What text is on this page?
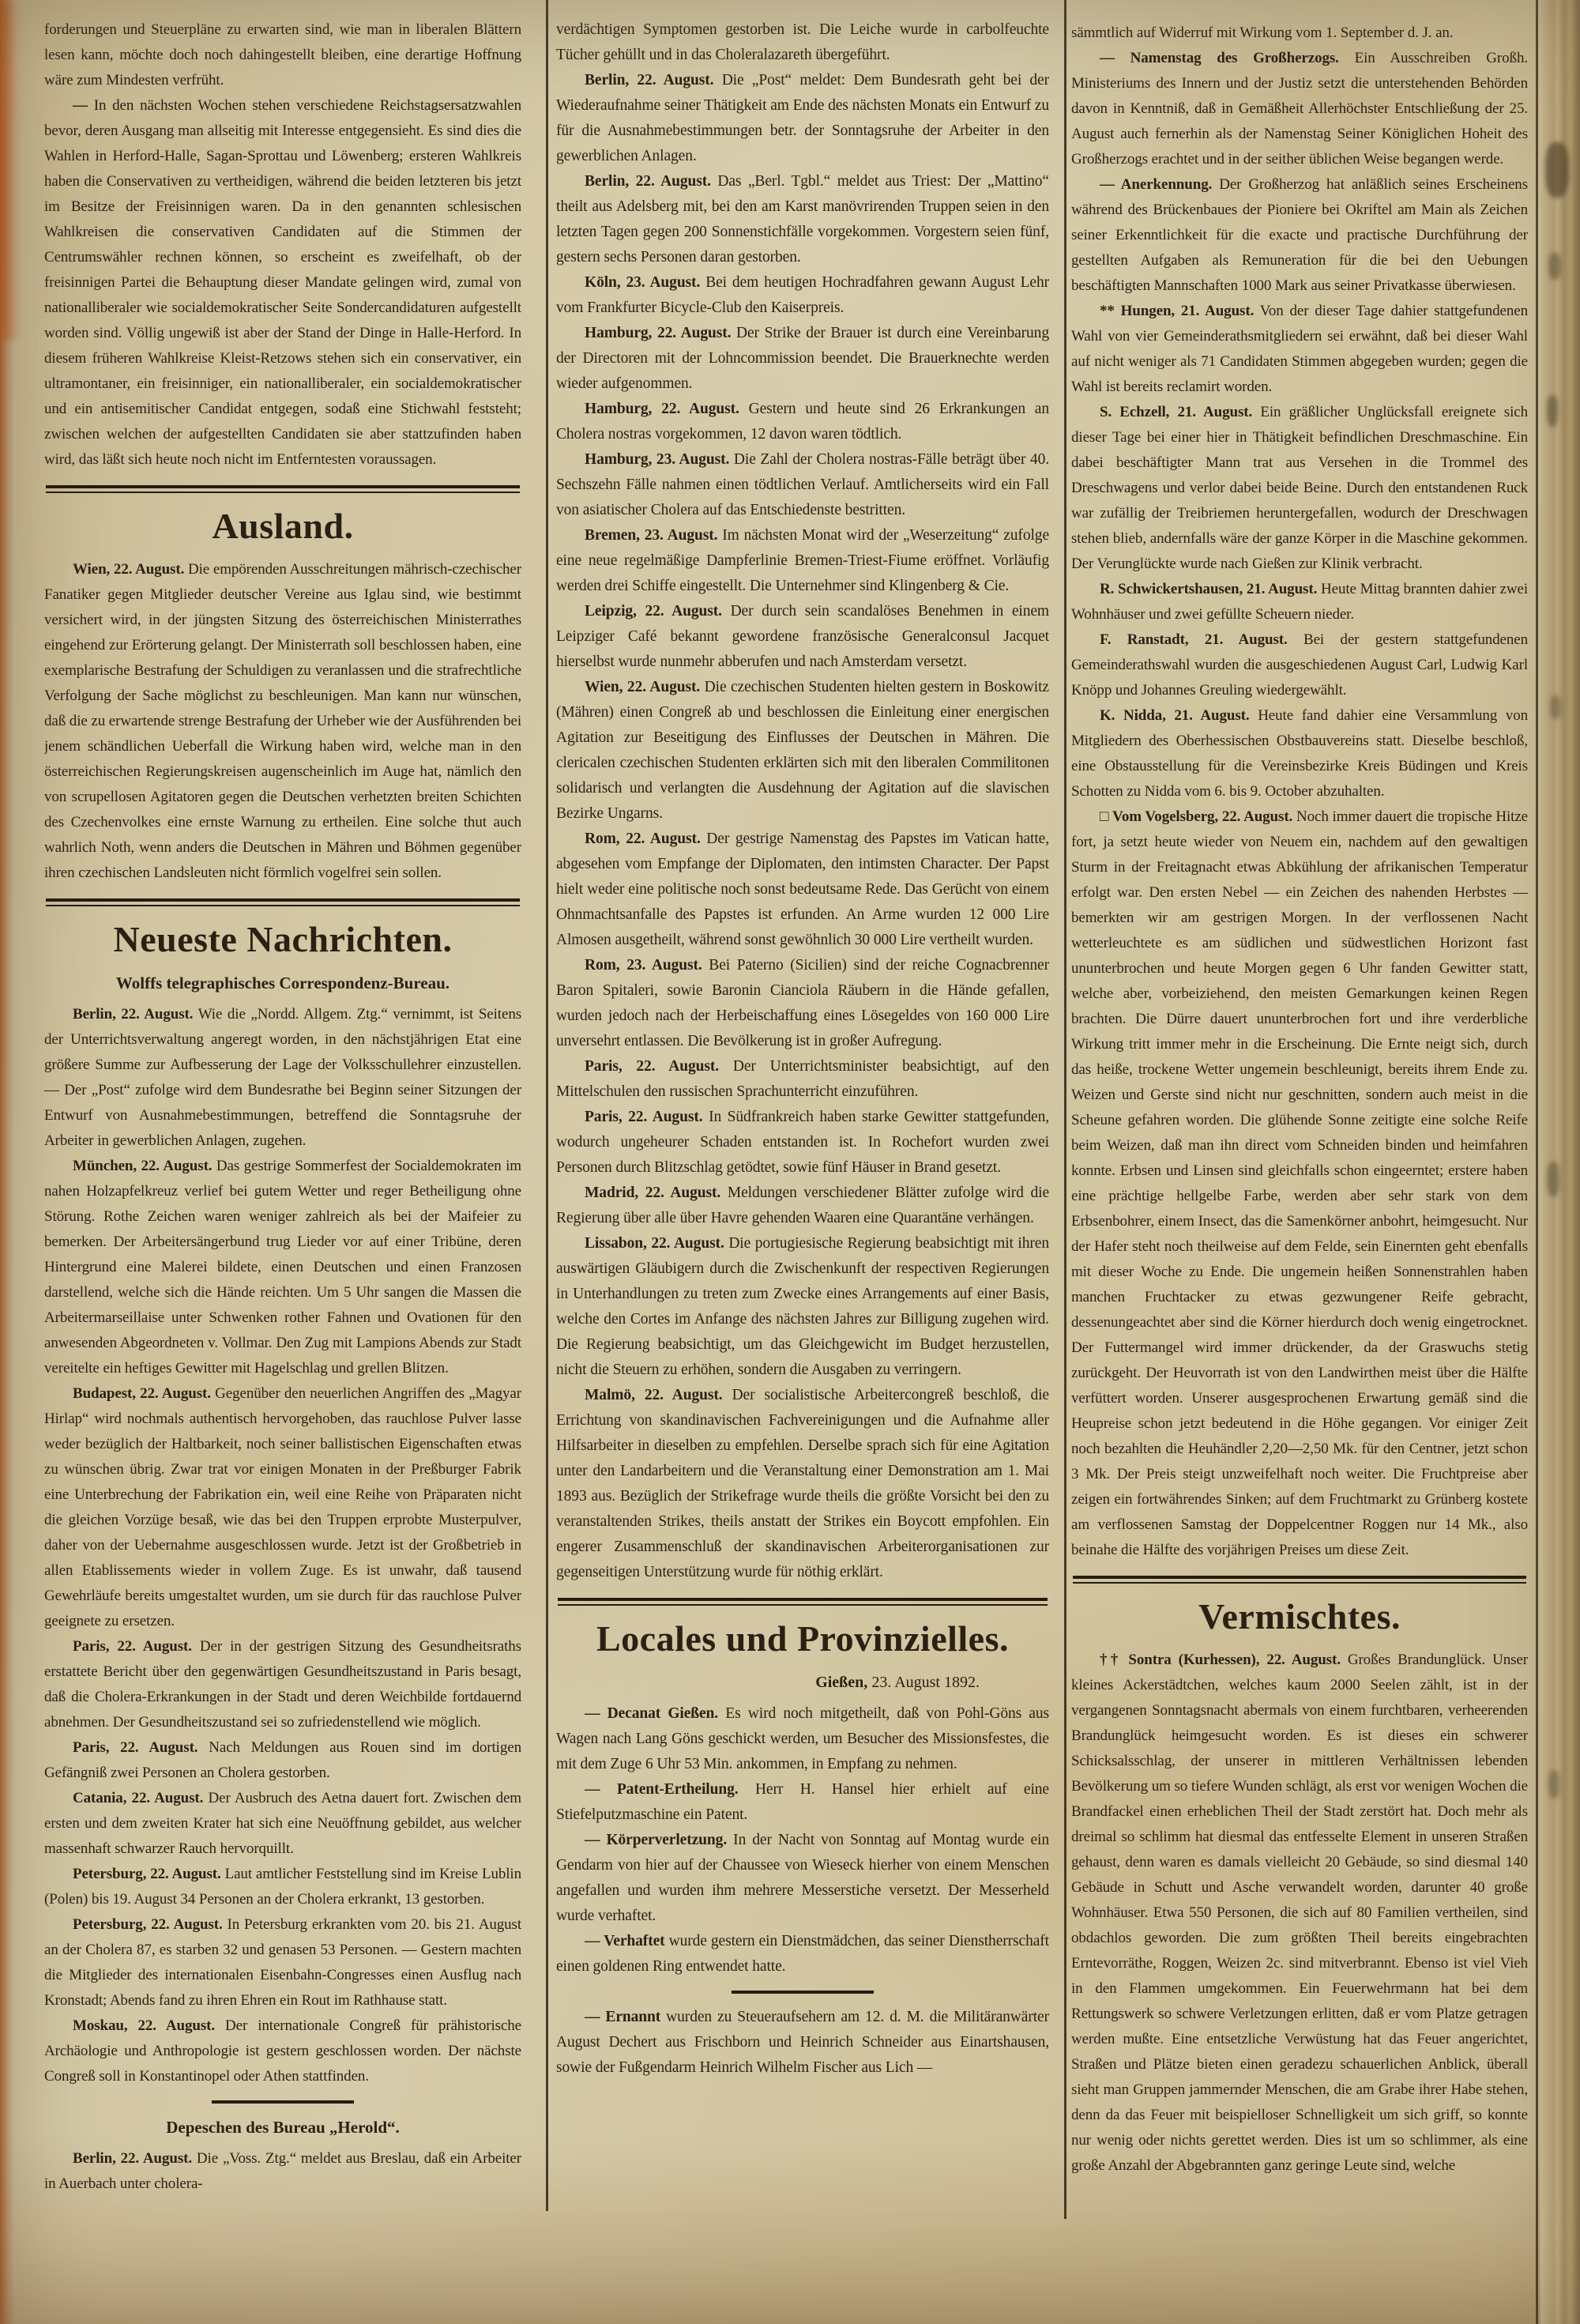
forderungen und Steuerpläne zu erwarten sind, wie man in liberalen Blättern lesen kann, möchte doch noch dahingestellt bleiben, eine derartige Hoffnung wäre zum Mindesten verfrüht.

— In den nächsten Wochen stehen verschiedene Reichstagsersatzwahlen bevor, deren Ausgang man allseitig mit Interesse entgegensieht. Es sind dies die Wahlen in Herford-Halle, Sagan-Sprottau und Löwenberg; ersteren Wahlkreis haben die Conservativen zu vertheidigen, während die beiden letzteren bis jetzt im Besitze der Freisinnigen waren. Da in den genannten schlesischen Wahlkreisen die conservativen Candidaten auf die Stimmen der Centrumswähler rechnen können, so erscheint es zweifelhaft, ob der freisinnigen Partei die Behauptung dieser Mandate gelingen wird, zumal von nationalliberaler wie socialdemokratischer Seite Sondercandidaturen aufgestellt worden sind. Völlig ungewiß ist aber der Stand der Dinge in Halle-Herford. In diesem früheren Wahlkreise Kleist-Retzows stehen sich ein conservativer, ein ultramontaner, ein freisinniger, ein nationalliberaler, ein socialdemokratischer und ein antisemitischer Candidat entgegen, sodaß eine Stichwahl feststeht; zwischen welchen der aufgestellten Candidaten sie aber stattzufinden haben wird, das läßt sich heute noch nicht im Entferntesten voraussagen.

Ausland.

Wien, 22. August. Die empörenden Ausschreitungen mährisch-czechischer Fanatiker gegen Mitglieder deutscher Vereine aus Iglau sind, wie bestimmt versichert wird, in der jüngsten Sitzung des österreichischen Ministerrathes eingehend zur Erörterung gelangt. Der Ministerrath soll beschlossen haben, eine exemplarische Bestrafung der Schuldigen zu veranlassen und die strafrechtliche Verfolgung der Sache möglichst zu beschleunigen. Man kann nur wünschen, daß die zu erwartende strenge Bestrafung der Urheber wie der Ausführenden bei jenem schändlichen Ueberfall die Wirkung haben wird, welche man in den österreichischen Regierungskreisen augenscheinlich im Auge hat, nämlich den von scrupellosen Agitatoren gegen die Deutschen verhetzten breiten Schichten des Czechenvolkes eine ernste Warnung zu ertheilen. Eine solche thut auch wahrlich Noth, wenn anders die Deutschen in Mähren und Böhmen gegenüber ihren czechischen Landsleuten nicht förmlich vogelfrei sein sollen.

Neueste Nachrichten.
Wolffs telegraphisches Correspondenz-Bureau.

Berlin, 22. August. Wie die „Nordd. Allgem. Ztg.“ vernimmt, ist Seitens der Unterrichtsverwaltung angeregt worden, in den nächstjährigen Etat eine größere Summe zur Aufbesserung der Lage der Volksschullehrer einzustellen. — Der „Post“ zufolge wird dem Bundesrathe bei Beginn seiner Sitzungen der Entwurf von Ausnahmebestimmungen, betreffend die Sonntagsruhe der Arbeiter in gewerblichen Anlagen, zugehen.

München, 22. August. Das gestrige Sommerfest der Socialdemokraten im nahen Holzapfelkreuz verlief bei gutem Wetter und reger Betheiligung ohne Störung. Rothe Zeichen waren weniger zahlreich als bei der Maifeier zu bemerken. Der Arbeitersängerbund trug Lieder vor auf einer Tribüne, deren Hintergrund eine Malerei bildete, einen Deutschen und einen Franzosen darstellend, welche sich die Hände reichten. Um 5 Uhr sangen die Massen die Arbeitermarseillaise unter Schwenken rother Fahnen und Ovationen für den anwesenden Abgeordneten v. Vollmar. Den Zug mit Lampions Abends zur Stadt vereitelte ein heftiges Gewitter mit Hagelschlag und grellen Blitzen.

Budapest, 22. August. Gegenüber den neuerlichen Angriffen des „Magyar Hirlap“ wird nochmals authentisch hervorgehoben, das rauchlose Pulver lasse weder bezüglich der Haltbarkeit, noch seiner ballistischen Eigenschaften etwas zu wünschen übrig. Zwar trat vor einigen Monaten in der Preßburger Fabrik eine Unterbrechung der Fabrikation ein, weil eine Reihe von Präparaten nicht die gleichen Vorzüge besaß, wie das bei den Truppen erprobte Musterpulver, daher von der Uebernahme ausgeschlossen wurde. Jetzt ist der Großbetrieb in allen Etablissements wieder in vollem Zuge. Es ist unwahr, daß tausend Gewehrläufe bereits umgestaltet wurden, um sie durch für das rauchlose Pulver geeignete zu ersetzen.

Paris, 22. August. Der in der gestrigen Sitzung des Gesundheitsraths erstattete Bericht über den gegenwärtigen Gesundheitszustand in Paris besagt, daß die Cholera-Erkrankungen in der Stadt und deren Weichbilde fortdauernd abnehmen. Der Gesundheitszustand sei so zufriedenstellend wie möglich.

Paris, 22. August. Nach Meldungen aus Rouen sind im dortigen Gefängniß zwei Personen an Cholera gestorben.

Catania, 22. August. Der Ausbruch des Aetna dauert fort. Zwischen dem ersten und dem zweiten Krater hat sich eine Neuöffnung gebildet, aus welcher massenhaft schwarzer Rauch hervorquillt.

Petersburg, 22. August. Laut amtlicher Feststellung sind im Kreise Lublin (Polen) bis 19. August 34 Personen an der Cholera erkrankt, 13 gestorben.

Petersburg, 22. August. In Petersburg erkrankten vom 20. bis 21. August an der Cholera 87, es starben 32 und genasen 53 Personen. — Gestern machten die Mitglieder des internationalen Eisenbahn-Congresses einen Ausflug nach Kronstadt; Abends fand zu ihren Ehren ein Rout im Rathhause statt.

Moskau, 22. August. Der internationale Congreß für prähistorische Archäologie und Anthropologie ist gestern geschlossen worden. Der nächste Congreß soll in Konstantinopel oder Athen stattfinden.

Depeschen des Bureau „Herold“.

Berlin, 22. August. Die „Voss. Ztg.“ meldet aus Breslau, daß ein Arbeiter in Auerbach unter cholera-

verdächtigen Symptomen gestorben ist. Die Leiche wurde in carbolfeuchte Tücher gehüllt und in das Choleralazareth übergeführt.

Berlin, 22. August. Die „Post“ meldet: Dem Bundesrath geht bei der Wiederaufnahme seiner Thätigkeit am Ende des nächsten Monats ein Entwurf zu für die Ausnahmebestimmungen betr. der Sonntagsruhe der Arbeiter in den gewerblichen Anlagen.

Berlin, 22. August. Das „Berl. Tgbl.“ meldet aus Triest: Der „Mattino“ theilt aus Adelsberg mit, bei den am Karst manövrirenden Truppen seien in den letzten Tagen gegen 200 Sonnenstichfälle vorgekommen. Vorgestern seien fünf, gestern sechs Personen daran gestorben.

Köln, 23. August. Bei dem heutigen Hochradfahren gewann August Lehr vom Frankfurter Bicycle-Club den Kaiserpreis.

Hamburg, 22. August. Der Strike der Brauer ist durch eine Vereinbarung der Directoren mit der Lohncommission beendet. Die Brauerknechte werden wieder aufgenommen.

Hamburg, 22. August. Gestern und heute sind 26 Erkrankungen an Cholera nostras vorgekommen, 12 davon waren tödtlich.

Hamburg, 23. August. Die Zahl der Cholera nostras-Fälle beträgt über 40. Sechszehn Fälle nahmen einen tödtlichen Verlauf. Amtlicherseits wird ein Fall von asiatischer Cholera auf das Entschiedenste bestritten.

Bremen, 23. August. Im nächsten Monat wird der „Weserzeitung“ zufolge eine neue regelmäßige Dampferlinie Bremen-Triest-Fiume eröffnet. Vorläufig werden drei Schiffe eingestellt. Die Unternehmer sind Klingenberg & Cie.

Leipzig, 22. August. Der durch sein scandalöses Benehmen in einem Leipziger Café bekannt gewordene französische Generalconsul Jacquet hierselbst wurde nunmehr abberufen und nach Amsterdam versetzt.

Wien, 22. August. Die czechischen Studenten hielten gestern in Boskowitz (Mähren) einen Congreß ab und beschlossen die Einleitung einer energischen Agitation zur Beseitigung des Einflusses der Deutschen in Mähren. Die clericalen czechischen Studenten erklärten sich mit den liberalen Commilitonen solidarisch und verlangten die Ausdehnung der Agitation auf die slavischen Bezirke Ungarns.

Rom, 22. August. Der gestrige Namenstag des Papstes im Vatican hatte, abgesehen vom Empfange der Diplomaten, den intimsten Character. Der Papst hielt weder eine politische noch sonst bedeutsame Rede. Das Gerücht von einem Ohnmachtsanfalle des Papstes ist erfunden. An Arme wurden 12 000 Lire Almosen ausgetheilt, während sonst gewöhnlich 30 000 Lire vertheilt wurden.

Rom, 23. August. Bei Paterno (Sicilien) sind der reiche Cognacbrenner Baron Spitaleri, sowie Baronin Cianciola Räubern in die Hände gefallen, wurden jedoch nach der Herbeischaffung eines Lösegeldes von 160 000 Lire unversehrt entlassen. Die Bevölkerung ist in großer Aufregung.

Paris, 22. August. Der Unterrichtsminister beabsichtigt, auf den Mittelschulen den russischen Sprachunterricht einzuführen.

Paris, 22. August. In Südfrankreich haben starke Gewitter stattgefunden, wodurch ungeheurer Schaden entstanden ist. In Rochefort wurden zwei Personen durch Blitzschlag getödtet, sowie fünf Häuser in Brand gesetzt.

Madrid, 22. August. Meldungen verschiedener Blätter zufolge wird die Regierung über alle über Havre gehenden Waaren eine Quarantäne verhängen.

Lissabon, 22. August. Die portugiesische Regierung beabsichtigt mit ihren auswärtigen Gläubigern durch die Zwischenkunft der respectiven Regierungen in Unterhandlungen zu treten zum Zwecke eines Arrangements auf einer Basis, welche den Cortes im Anfange des nächsten Jahres zur Billigung zugehen wird. Die Regierung beabsichtigt, um das Gleichgewicht im Budget herzustellen, nicht die Steuern zu erhöhen, sondern die Ausgaben zu verringern.

Malmö, 22. August. Der socialistische Arbeitercongreß beschloß, die Errichtung von skandinavischen Fachvereinigungen und die Aufnahme aller Hilfsarbeiter in dieselben zu empfehlen. Derselbe sprach sich für eine Agitation unter den Landarbeitern und die Veranstaltung einer Demonstration am 1. Mai 1893 aus. Bezüglich der Strikefrage wurde theils die größte Vorsicht bei den zu veranstaltenden Strikes, theils anstatt der Strikes ein Boycott empfohlen. Ein engerer Zusammenschluß der skandinavischen Arbeiterorganisationen zur gegenseitigen Unterstützung wurde für nöthig erklärt.

Locales und Provinzielles.
Gießen, 23. August 1892.

— Decanat Gießen. Es wird noch mitgetheilt, daß von Pohl-Göns aus Wagen nach Lang Göns geschickt werden, um Besucher des Missionsfestes, die mit dem Zuge 6 Uhr 53 Min. ankommen, in Empfang zu nehmen.

— Patent-Ertheilung. Herr H. Hansel hier erhielt auf eine Stiefelputzmaschine ein Patent.

— Körperverletzung. In der Nacht von Sonntag auf Montag wurde ein Gendarm von hier auf der Chaussee von Wieseck hierher von einem Menschen angefallen und wurden ihm mehrere Messerstiche versetzt. Der Messerheld wurde verhaftet.

— Verhaftet wurde gestern ein Dienstmädchen, das seiner Dienstherrschaft einen goldenen Ring entwendet hatte.

— Ernannt wurden zu Steueraufsehern am 12. d. M. die Militäranwärter August Dechert aus Frischborn und Heinrich Schneider aus Einartshausen, sowie der Fußgendarm Heinrich Wilhelm Fischer aus Lich —

sämmtlich auf Widerruf mit Wirkung vom 1. September d. J. an.

— Namenstag des Großherzogs. Ein Ausschreiben Großh. Ministeriums des Innern und der Justiz setzt die unterstehenden Behörden davon in Kenntniß, daß in Gemäßheit Allerhöchster Entschließung der 25. August auch fernerhin als der Namenstag Seiner Königlichen Hoheit des Großherzogs erachtet und in der seither üblichen Weise begangen werde.

— Anerkennung. Der Großherzog hat anläßlich seines Erscheinens während des Brückenbaues der Pioniere bei Okriftel am Main als Zeichen seiner Erkenntlichkeit für die exacte und practische Durchführung der gestellten Aufgaben als Remuneration für die bei den Uebungen beschäftigten Mannschaften 1000 Mark aus seiner Privatkasse überwiesen.

** Hungen, 21. August. Von der dieser Tage dahier stattgefundenen Wahl von vier Gemeinderathsmitgliedern sei erwähnt, daß bei dieser Wahl auf nicht weniger als 71 Candidaten Stimmen abgegeben wurden; gegen die Wahl ist bereits reclamirt worden.

S. Echzell, 21. August. Ein gräßlicher Unglücksfall ereignete sich dieser Tage bei einer hier in Thätigkeit befindlichen Dreschmaschine. Ein dabei beschäftigter Mann trat aus Versehen in die Trommel des Dreschwagens und verlor dabei beide Beine. Durch den entstandenen Ruck war zufällig der Treibriemen heruntergefallen, wodurch der Dreschwagen stehen blieb, andernfalls wäre der ganze Körper in die Maschine gekommen. Der Verunglückte wurde nach Gießen zur Klinik verbracht.

R. Schwickertshausen, 21. August. Heute Mittag brannten dahier zwei Wohnhäuser und zwei gefüllte Scheuern nieder.

F. Ranstadt, 21. August. Bei der gestern stattgefundenen Gemeinderathswahl wurden die ausgeschiedenen August Carl, Ludwig Karl Knöpp und Johannes Greuling wiedergewählt.

K. Nidda, 21. August. Heute fand dahier eine Versammlung von Mitgliedern des Oberhessischen Obstbauvereins statt. Dieselbe beschloß, eine Obstausstellung für die Vereinsbezirke Kreis Büdingen und Kreis Schotten zu Nidda vom 6. bis 9. October abzuhalten.

□ Vom Vogelsberg, 22. August. Noch immer dauert die tropische Hitze fort, ja setzt heute wieder von Neuem ein, nachdem auf den gewaltigen Sturm in der Freitagnacht etwas Abkühlung der afrikanischen Temperatur erfolgt war. Den ersten Nebel — ein Zeichen des nahenden Herbstes — bemerkten wir am gestrigen Morgen. In der verflossenen Nacht wetterleuchtete es am südlichen und südwestlichen Horizont fast ununterbrochen und heute Morgen gegen 6 Uhr fanden Gewitter statt, welche aber, vorbeiziehend, den meisten Gemarkungen keinen Regen brachten. Die Dürre dauert ununterbrochen fort und ihre verderbliche Wirkung tritt immer mehr in die Erscheinung. Die Ernte neigt sich, durch das heiße, trockene Wetter ungemein beschleunigt, bereits ihrem Ende zu. Weizen und Gerste sind nicht nur geschnitten, sondern auch meist in die Scheune gefahren worden. Die glühende Sonne zeitigte eine solche Reife beim Weizen, daß man ihn direct vom Schneiden binden und heimfahren konnte. Erbsen und Linsen sind gleichfalls schon eingeerntet; erstere haben eine prächtige hellgelbe Farbe, werden aber sehr stark von dem Erbsenbohrer, einem Insect, das die Samenkörner anbohrt, heimgesucht. Nur der Hafer steht noch theilweise auf dem Felde, sein Einernten geht ebenfalls mit dieser Woche zu Ende. Die ungemein heißen Sonnenstrahlen haben manchen Fruchtacker zu etwas gezwungener Reife gebracht, dessenungeachtet aber sind die Körner hierdurch doch wenig eingetrocknet. Der Futtermangel wird immer drückender, da der Graswuchs stetig zurückgeht. Der Heuvorrath ist von den Landwirthen meist über die Hälfte verfüttert worden. Unserer ausgesprochenen Erwartung gemäß sind die Heupreise schon jetzt bedeutend in die Höhe gegangen. Vor einiger Zeit noch bezahlten die Heuhändler 2,20—2,50 Mk. für den Centner, jetzt schon 3 Mk. Der Preis steigt unzweifelhaft noch weiter. Die Fruchtpreise aber zeigen ein fortwährendes Sinken; auf dem Fruchtmarkt zu Grünberg kostete am verflossenen Samstag der Doppelcentner Roggen nur 14 Mk., also beinahe die Hälfte des vorjährigen Preises um diese Zeit.

Vermischtes.

†† Sontra (Kurhessen), 22. August. Großes Brandunglück. Unser kleines Ackerstädtchen, welches kaum 2000 Seelen zählt, ist in der vergangenen Sonntagsnacht abermals von einem furchtbaren, verheerenden Brandunglück heimgesucht worden. Es ist dieses ein schwerer Schicksalsschlag, der unserer in mittleren Verhältnissen lebenden Bevölkerung um so tiefere Wunden schlägt, als erst vor wenigen Wochen die Brandfackel einen erheblichen Theil der Stadt zerstört hat. Doch mehr als dreimal so schlimm hat diesmal das entfesselte Element in unseren Straßen gehaust, denn waren es damals vielleicht 20 Gebäude, so sind diesmal 140 Gebäude in Schutt und Asche verwandelt worden, darunter 40 große Wohnhäuser. Etwa 550 Personen, die sich auf 80 Familien vertheilen, sind obdachlos geworden. Die zum größten Theil bereits eingebrachten Erntevorräthe, Roggen, Weizen 2c. sind mitverbrannt. Ebenso ist viel Vieh in den Flammen umgekommen. Ein Feuerwehrmann hat bei dem Rettungswerk so schwere Verletzungen erlitten, daß er vom Platze getragen werden mußte. Eine entsetzliche Verwüstung hat das Feuer angerichtet, Straßen und Plätze bieten einen geradezu schauerlichen Anblick, überall sieht man Gruppen jammernder Menschen, die am Grabe ihrer Habe stehen, denn da das Feuer mit beispielloser Schnelligkeit um sich griff, so konnte nur wenig oder nichts gerettet werden. Dies ist um so schlimmer, als eine große Anzahl der Abgebrannten ganz geringe Leute sind, welche
